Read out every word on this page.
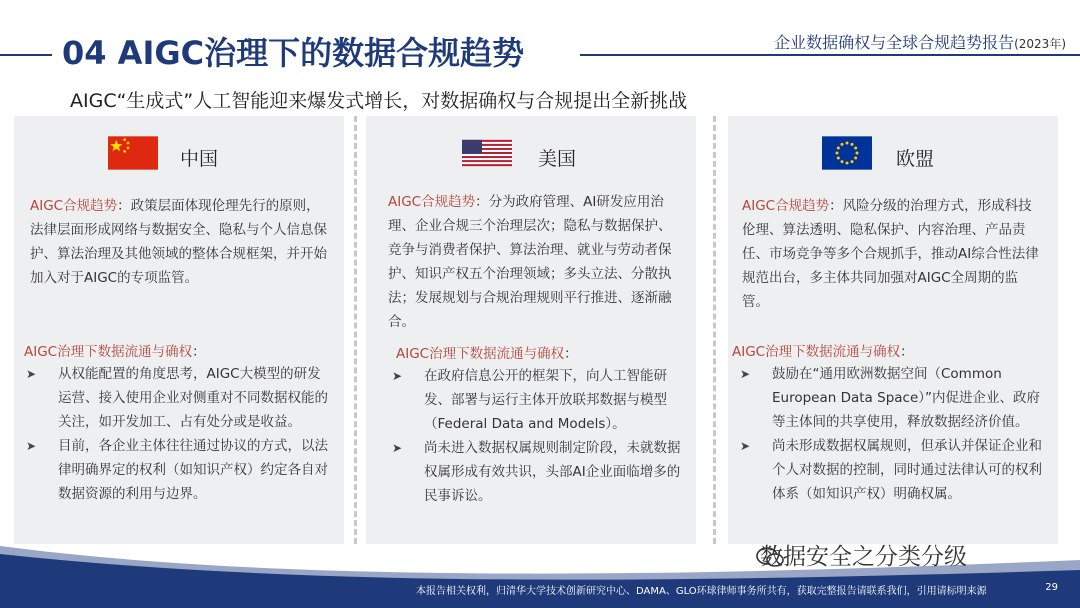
04 AIGC治理下的数据合规趋势	企业数据确权与全球合规趋势报告(2023年)
AIGC“生成式”人工智能迎来爆发式增长，对数据确权与合规提出全新挑战
中国
AIGC合规趋势：政策层面体现伦理先行的原则，法律层面形成网络与数据安全、隐私与个人信息保护、算法治理及其他领域的整体合规框架，并开始加入对于AIGC的专项监管。
AIGC治理下数据流通与确权：
➤ 从权能配置的角度思考，AIGC大模型的研发运营、接入使用企业对侧重对不同数据权能的关注，如开发加工、占有处分或是收益。
➤ 目前，各企业主体往往通过协议的方式，以法律明确界定的权利（如知识产权）约定各自对数据资源的利用与边界。
美国
AIGC合规趋势：分为政府管理、AI研发应用治理、企业合规三个治理层次；隐私与数据保护、竞争与消费者保护、算法治理、就业与劳动者保护、知识产权五个治理领域；多头立法、分散执法；发展规划与合规治理规则平行推进、逐渐融合。
AIGC治理下数据流通与确权：
➤ 在政府信息公开的框架下，向人工智能研发、部署与运行主体开放联邦数据与模型（Federal Data and Models）。
➤ 尚未进入数据权属规则制定阶段，未就数据权属形成有效共识，头部AI企业面临增多的民事诉讼。
欧盟
AIGC合规趋势：风险分级的治理方式，形成科技伦理、算法透明、隐私保护、内容治理、产品责任、市场竞争等多个合规抓手，推动AI综合性法律规范出台，多主体共同加强对AIGC全周期的监管。
AIGC治理下数据流通与确权：
➤ 鼓励在“通用欧洲数据空间（Common European Data Space）”内促进企业、政府等主体间的共享使用，释放数据经济价值。
➤ 尚未形成数据权属规则，但承认并保证企业和个人对数据的控制，同时通过法律认可的权利体系（如知识产权）明确权属。
数据安全之分类分级
本报告相关权利，归清华大学技术创新研究中心、DAMA、GLO环球律师事务所共有，获取完整报告请联系我们，引用请标明来源	29
